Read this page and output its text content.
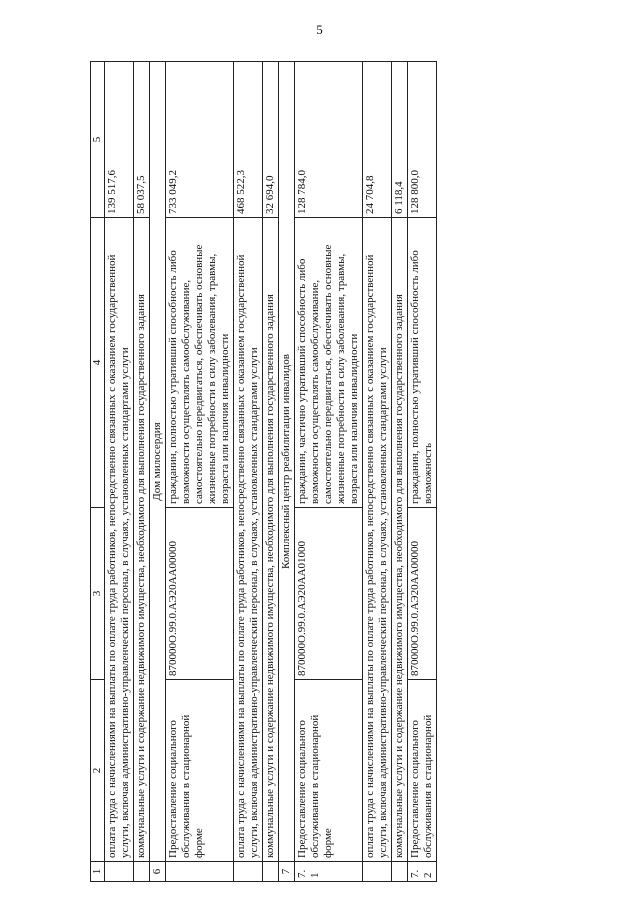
5
1	2	3	4	5
	оплата труда с начислениями на выплаты по оплате труда работников, непосредственно связанных с оказанием государственной услуги, включая административно-управленческий персонал, в случаях, установленных стандартами услуги			139 517,6
	коммунальные услуги и содержание недвижимого имущества, необходимого для выполнения государственного задания			58 037,5
6	Дом милосердия			
	Предоставление социального обслуживания в стационарной форме	870000О.99.0.АЭ20АА00000	гражданин, полностью утративший способность либо возможности осуществлять самообслуживание, самостоятельно передвигаться, обеспечивать основные жизненные потребности в силу заболевания, травмы, возраста или наличия инвалидности	733 049,2
	оплата труда с начислениями на выплаты по оплате труда работников, непосредственно связанных с оказанием государственной услуги, включая административно-управленческий персонал, в случаях, установленных стандартами услуги			468 522,3
	коммунальные услуги и содержание недвижимого имущества, необходимого для выполнения государственного задания			32 694,0
7	Комплексный центр реабилитации инвалидов			
7.1	Предоставление социального обслуживания в стационарной форме	870000О.99.0.АЭ20АА01000	гражданин, частично утративший способность либо возможности осуществлять самообслуживание, самостоятельно передвигаться, обеспечивать основные жизненные потребности в силу заболевания, травмы, возраста или наличия инвалидности	128 784,0
	оплата труда с начислениями на выплаты по оплате труда работников, непосредственно связанных с оказанием государственной услуги, включая административно-управленческий персонал, в случаях, установленных стандартами услуги			24 704,8
	коммунальные услуги и содержание недвижимого имущества, необходимого для выполнения государственного задания			6 118,4
7.2	Предоставление социального обслуживания в стационарной	870000О.99.0.АЭ20АА00000	гражданин, полностью утративший способность либо возможность	128 800,0
